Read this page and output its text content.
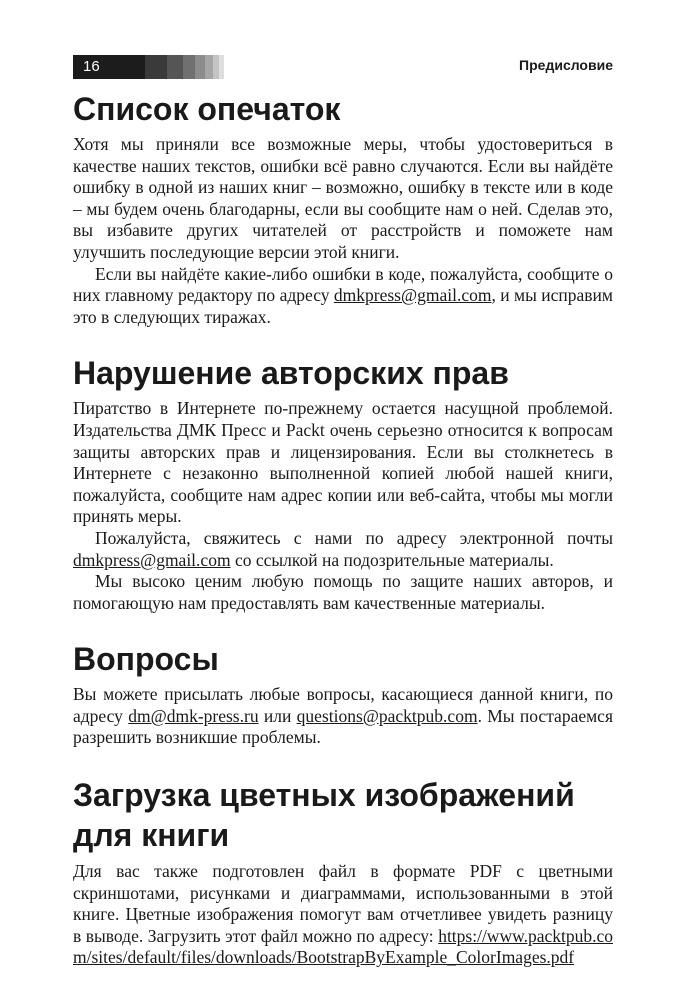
16	Предисловие
Список опечаток

Хотя мы приняли все возможные меры, чтобы удостовериться в качестве наших текстов, ошибки всё равно случаются. Если вы найдёте ошибку в одной из наших книг – возможно, ошибку в тексте или в коде – мы будем очень благодарны, если вы сообщите нам о ней. Сделав это, вы избавите других читателей от расстройств и поможете нам улучшить последующие версии этой книги.

Если вы найдёте какие-либо ошибки в коде, пожалуйста, сообщите о них главному редактору по адресу dmkpress@gmail.com, и мы исправим это в следующих тиражах.

Нарушение авторских прав

Пиратство в Интернете по-прежнему остается насущной проблемой. Издательства ДМК Пресс и Packt очень серьезно относится к вопросам защиты авторских прав и лицензирования. Если вы столкнетесь в Интернете с незаконно выполненной копией любой нашей книги, пожалуйста, сообщите нам адрес копии или веб-сайта, чтобы мы могли принять меры.

Пожалуйста, свяжитесь с нами по адресу электронной почты dmkpress@gmail.com со ссылкой на подозрительные материалы.

Мы высоко ценим любую помощь по защите наших авторов, и помогающую нам предоставлять вам качественные материалы.

Вопросы

Вы можете присылать любые вопросы, касающиеся данной книги, по адресу dm@dmk-press.ru или questions@packtpub.com. Мы постараемся разрешить возникшие проблемы.

Загрузка цветных изображений для книги

Для вас также подготовлен файл в формате PDF с цветными скриншотами, рисунками и диаграммами, использованными в этой книге. Цветные изображения помогут вам отчетливее увидеть разницу в выводе. Загрузить этот файл можно по адресу: https://www.packtpub.com/sites/default/files/downloads/BootstrapByExample_ColorImages.pdf
